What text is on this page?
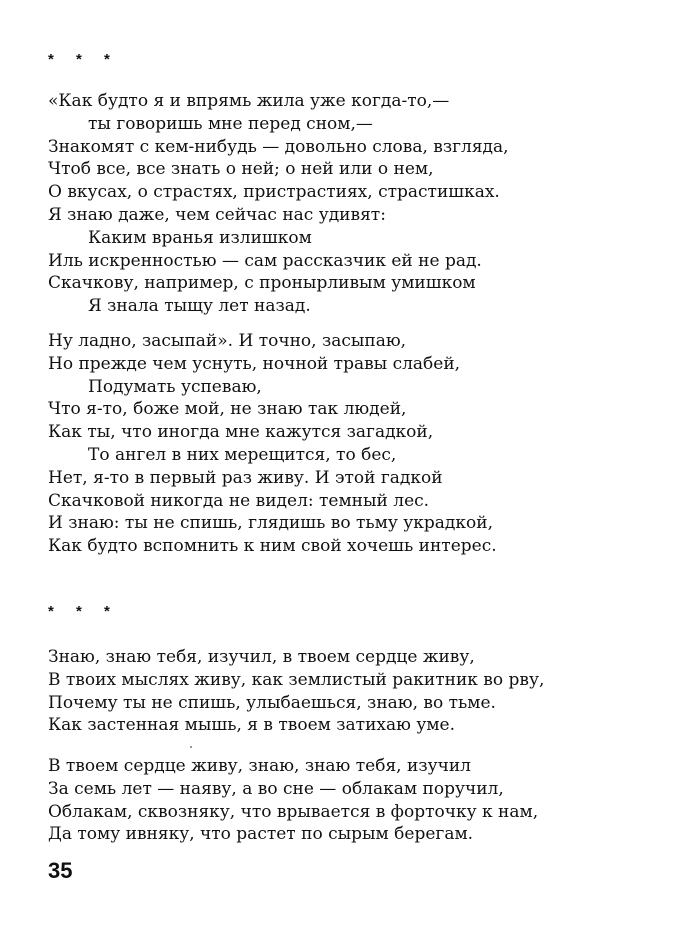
* * *
«Как будто я и впрямь жила уже когда-то,—
ты говоришь мне перед сном,—
Знакомят с кем-нибудь — довольно слова, взгляда,
Чтоб все, все знать о ней; о ней или о нем,
О вкусах, о страстях, пристрастиях, страстишках.
Я знаю даже, чем сейчас нас удивят:
Каким вранья излишком
Иль искренностью — сам рассказчик ей не рад.
Скачкову, например, с пронырливым умишком
Я знала тыщу лет назад.
Ну ладно, засыпай». И точно, засыпаю,
Но прежде чем уснуть, ночной травы слабей,
Подумать успеваю,
Что я-то, боже мой, не знаю так людей,
Как ты, что иногда мне кажутся загадкой,
То ангел в них мерещится, то бес,
Нет, я-то в первый раз живу. И этой гадкой
Скачковой никогда не видел: темный лес.
И знаю: ты не спишь, глядишь во тьму украдкой,
Как будто вспомнить к ним свой хочешь интерес.
* * *
Знаю, знаю тебя, изучил, в твоем сердце живу,
В твоих мыслях живу, как землистый ракитник во рву,
Почему ты не спишь, улыбаешься, знаю, во тьме.
Как застенная мышь, я в твоем затихаю уме.
В твоем сердце живу, знаю, знаю тебя, изучил
За семь лет — наяву, а во сне — облакам поручил,
Облакам, сквозняку, что врывается в форточку к нам,
Да тому ивняку, что растет по сырым берегам.
35
